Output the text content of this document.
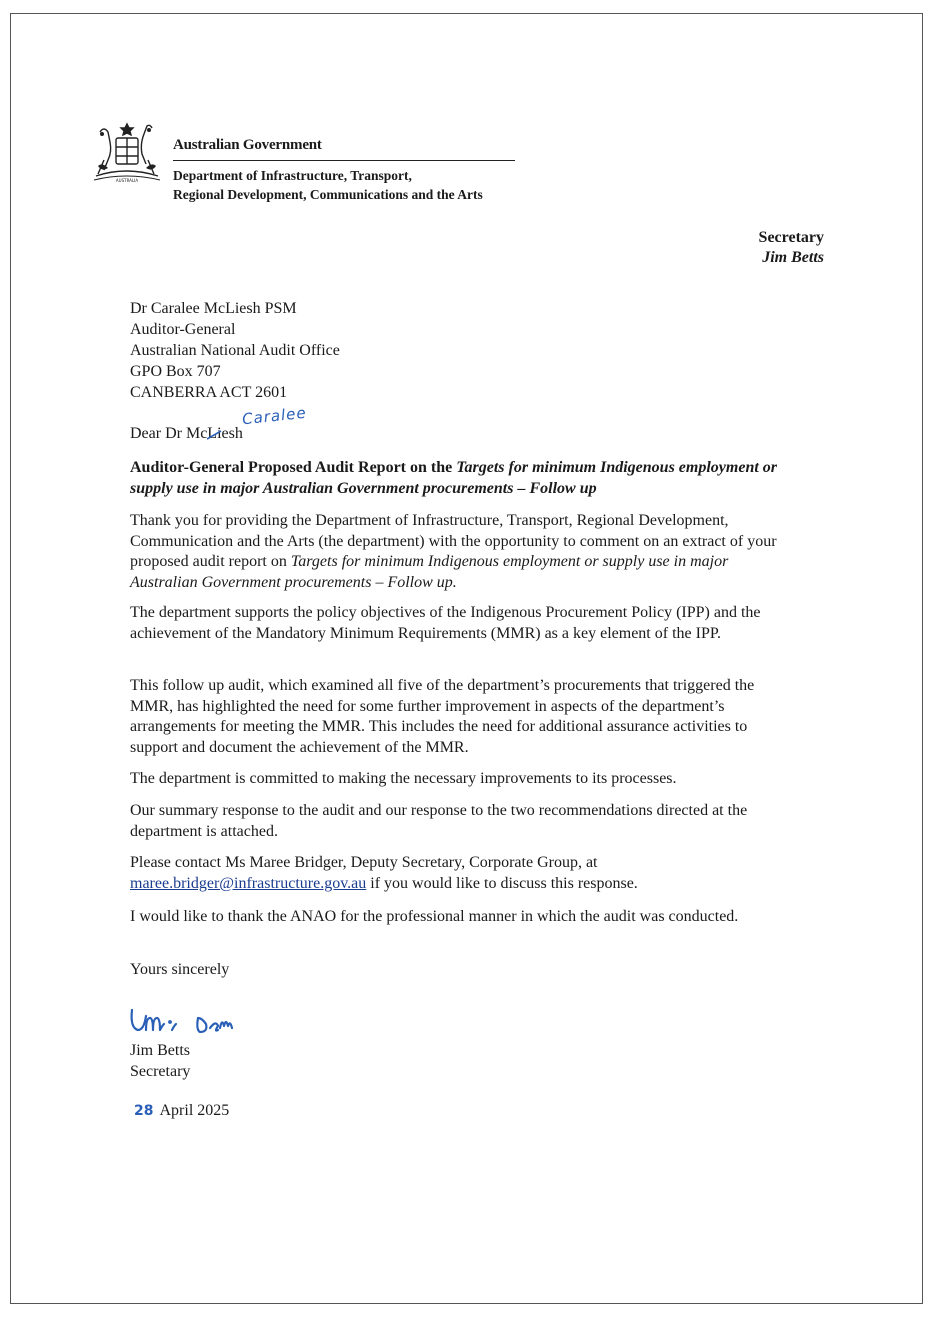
AUSTRALIA
Australian Government
Department of Infrastructure, Transport,
Regional Development, Communications and the Arts
Secretary
Jim Betts
Dr Caralee McLiesh PSM
Auditor-General
Australian National Audit Office
GPO Box 707
CANBERRA ACT 2601
Caralee
Dear Dr McL
iesh
Auditor-General Proposed Audit Report on the Targets for minimum Indigenous employment or supply use in major Australian Government procurements – Follow up

Thank you for providing the Department of Infrastructure, Transport, Regional Development, Communication and the Arts (the department) with the opportunity to comment on an extract of your proposed audit report on Targets for minimum Indigenous employment or supply use in major Australian Government procurements – Follow up.

The department supports the policy objectives of the Indigenous Procurement Policy (IPP) and the achievement of the Mandatory Minimum Requirements (MMR) as a key element of the IPP.

This follow up audit, which examined all five of the department’s procurements that triggered the MMR, has highlighted the need for some further improvement in aspects of the department’s arrangements for meeting the MMR. This includes the need for additional assurance activities to support and document the achievement of the MMR.

The department is committed to making the necessary improvements to its processes.

Our summary response to the audit and our response to the two recommendations directed at the department is attached.

Please contact Ms Maree Bridger, Deputy Secretary, Corporate Group, at
maree.bridger@infrastructure.gov.au if you would like to discuss this response.

I would like to thank the ANAO for the professional manner in which the audit was conducted.

Yours sincerely

Jim Betts
Secretary
28 April 2025
